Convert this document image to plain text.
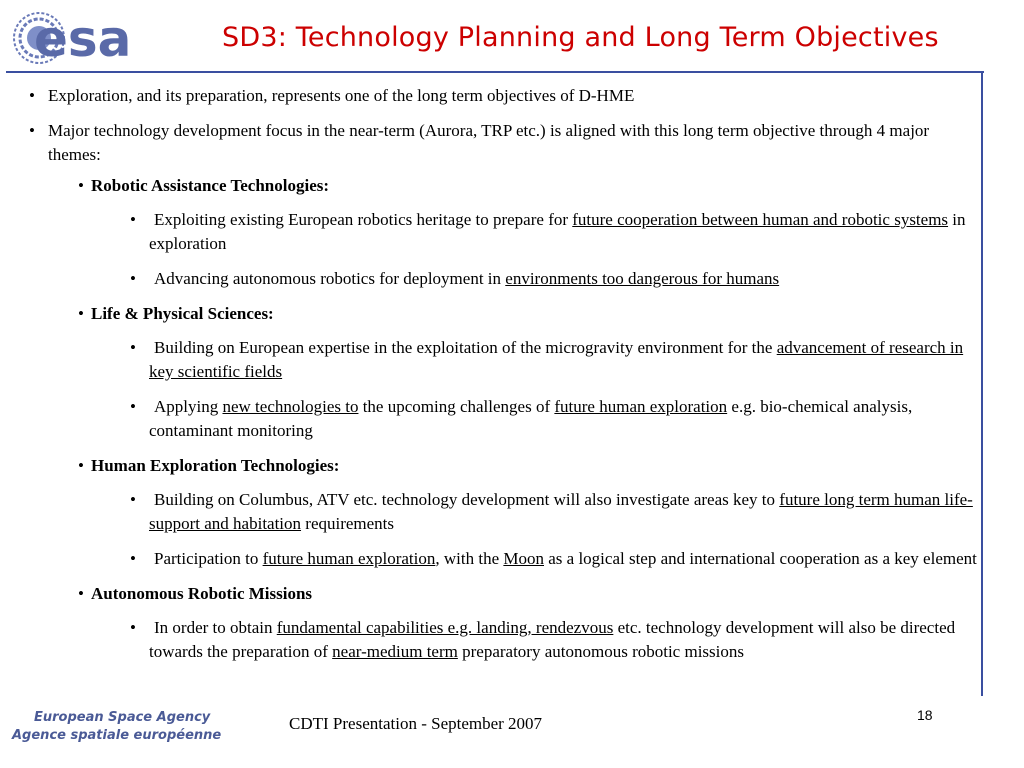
esa	SD3: Technology Planning and Long Term Objectives
• Exploration, and its preparation, represents one of the long term objectives of D-HME
• Major technology development focus in the near-term (Aurora, TRP etc.) is aligned with this long term objective through 4 major themes:
• Robotic Assistance Technologies:
• Exploiting existing European robotics heritage to prepare for future cooperation between human and robotic systems in exploration
• Advancing autonomous robotics for deployment in environments too dangerous for humans
• Life & Physical Sciences:
• Building on European expertise in the exploitation of the microgravity environment for the advancement of research in key scientific fields
• Applying new technologies to the upcoming challenges of future human exploration e.g. bio-chemical analysis, contaminant monitoring
• Human Exploration Technologies:
• Building on Columbus, ATV etc. technology development will also investigate areas key to future long term human life-support and habitation requirements
• Participation to future human exploration, with the Moon as a logical step and international cooperation as a key element
• Autonomous Robotic Missions
• In order to obtain fundamental capabilities e.g. landing, rendezvous etc. technology development will also be directed towards the preparation of near-medium term preparatory autonomous robotic missions
European Space Agency
Agence spatiale européenne
CDTI Presentation - September 2007	18
